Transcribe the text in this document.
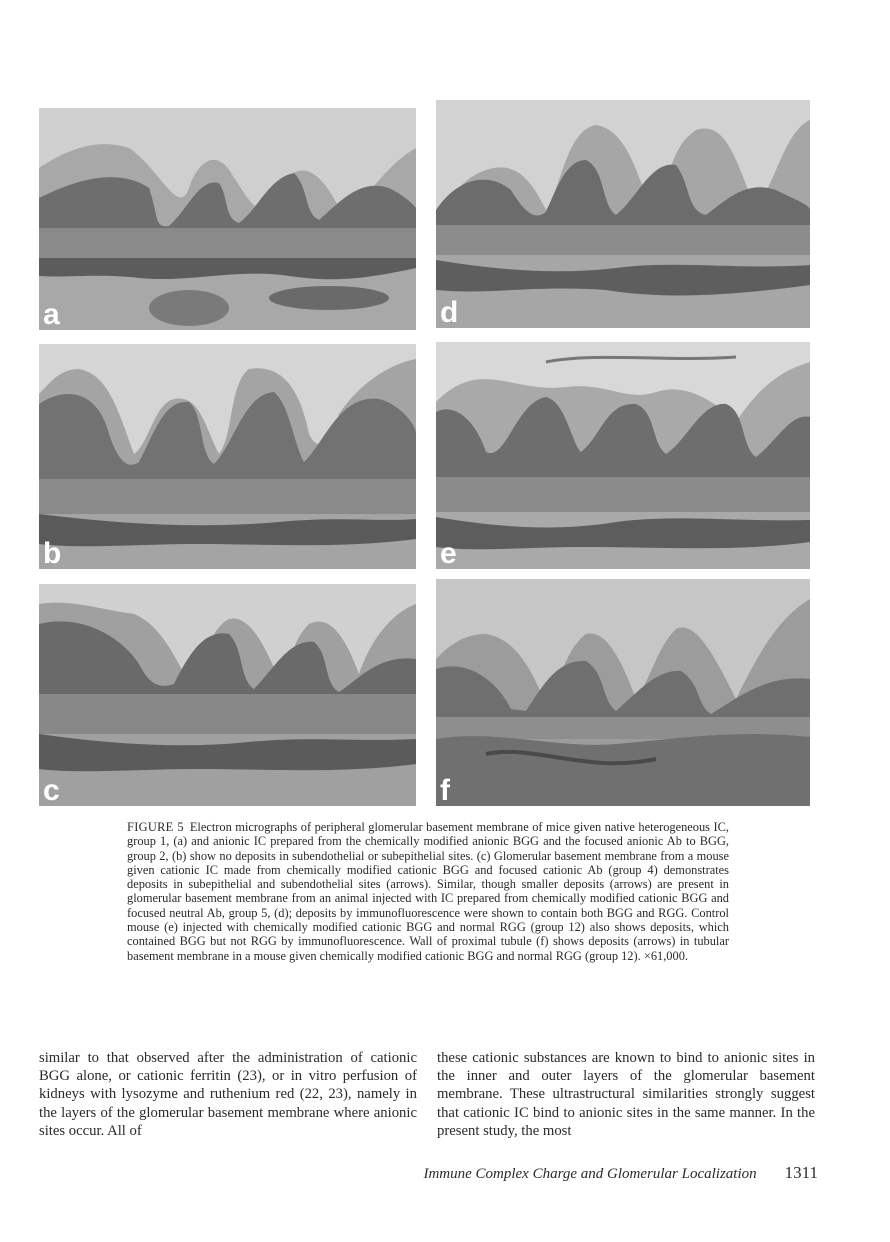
a	d
b	e
c	f
FIGURE 5 Electron micrographs of peripheral glomerular basement membrane of mice given native heterogeneous IC, group 1, (a) and anionic IC prepared from the chemically modified anionic BGG and the focused anionic Ab to BGG, group 2, (b) show no deposits in subendothelial or subepithelial sites. (c) Glomerular basement membrane from a mouse given cationic IC made from chemically modified cationic BGG and focused cationic Ab (group 4) demonstrates deposits in subepithelial and subendothelial sites (arrows). Similar, though smaller deposits (arrows) are present in glomerular basement membrane from an animal injected with IC prepared from chemically modified cationic BGG and focused neutral Ab, group 5, (d); deposits by immunofluorescence were shown to contain both BGG and RGG. Control mouse (e) injected with chemically modified cationic BGG and normal RGG (group 12) also shows deposits, which contained BGG but not RGG by immunofluorescence. Wall of proximal tubule (f) shows deposits (arrows) in tubular basement membrane in a mouse given chemically modified cationic BGG and normal RGG (group 12). ×61,000.
similar to that observed after the administration of cationic BGG alone, or cationic ferritin (23), or in vitro perfusion of kidneys with lysozyme and ruthenium red (22, 23), namely in the layers of the glomerular basement membrane where anionic sites occur. All of
these cationic substances are known to bind to anionic sites in the inner and outer layers of the glomerular basement membrane. These ultrastructural similarities strongly suggest that cationic IC bind to anionic sites in the same manner. In the present study, the most
Immune Complex Charge and Glomerular Localization 1311
